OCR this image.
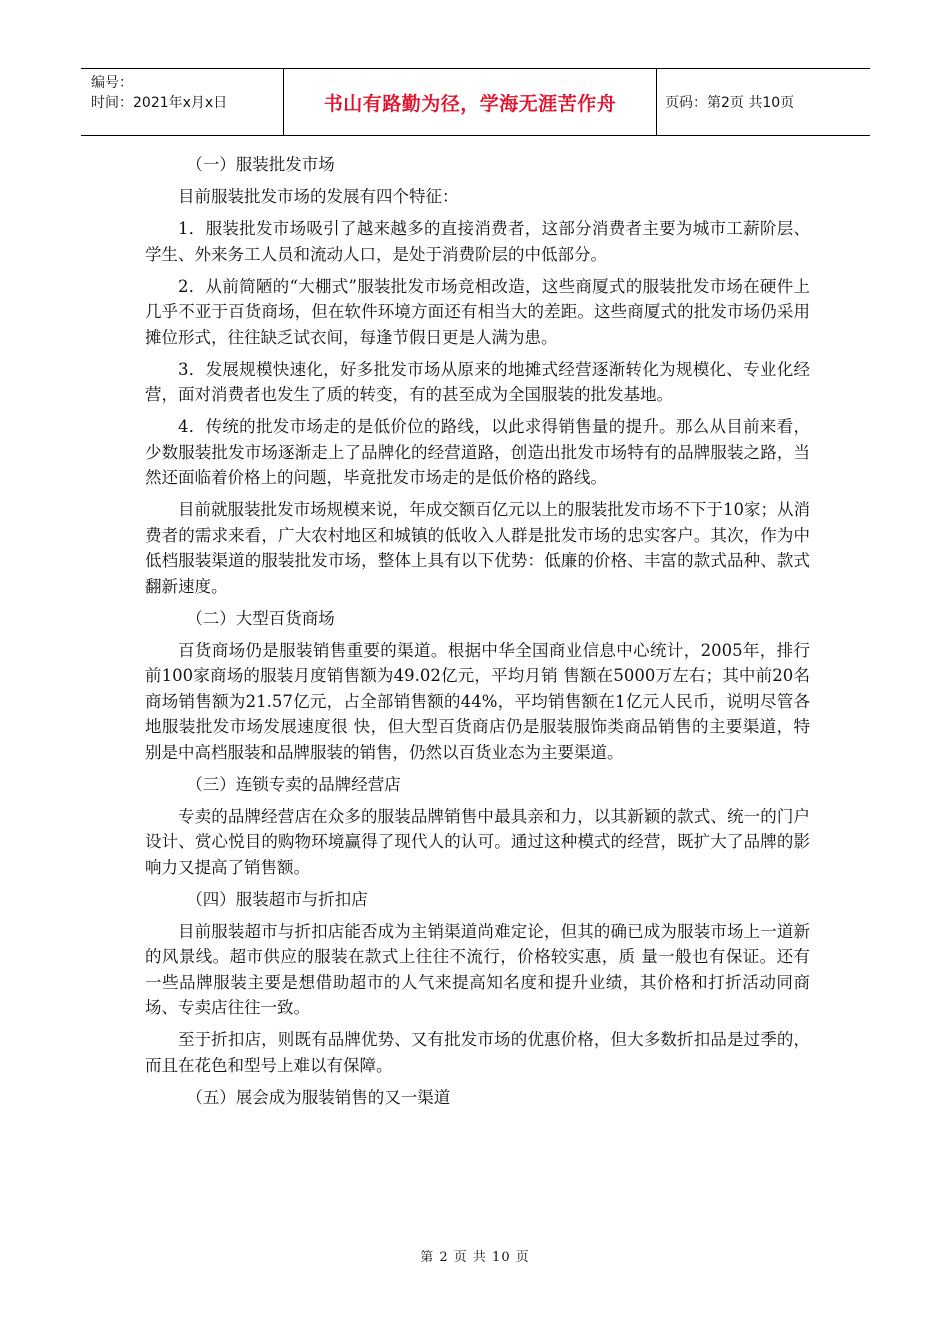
编号：
时间：2021年x月x日	书山有路勤为径，学海无涯苦作舟	页码：第2页 共10页

（一）服装批发市场

目前服装批发市场的发展有四个特征：

1．服装批发市场吸引了越来越多的直接消费者，这部分消费者主要为城市工薪阶层、学生、外来务工人员和流动人口，是处于消费阶层的中低部分。

2．从前简陋的“大棚式”服装批发市场竞相改造，这些商厦式的服装批发市场在硬件上几乎不亚于百货商场，但在软件环境方面还有相当大的差距。这些商厦式的批发市场仍采用摊位形式，往往缺乏试衣间，每逢节假日更是人满为患。

3．发展规模快速化，好多批发市场从原来的地摊式经营逐渐转化为规模化、专业化经营，面对消费者也发生了质的转变，有的甚至成为全国服装的批发基地。

4．传统的批发市场走的是低价位的路线，以此求得销售量的提升。那么从目前来看，少数服装批发市场逐渐走上了品牌化的经营道路，创造出批发市场特有的品牌服装之路，当然还面临着价格上的问题，毕竟批发市场走的是低价格的路线。

目前就服装批发市场规模来说，年成交额百亿元以上的服装批发市场不下于10家；从消费者的需求来看，广大农村地区和城镇的低收入人群是批发市场的忠实客户。其次，作为中低档服装渠道的服装批发市场，整体上具有以下优势：低廉的价格、丰富的款式品种、款式翻新速度。

（二）大型百货商场

百货商场仍是服装销售重要的渠道。根据中华全国商业信息中心统计，2005年，排行前100家商场的服装月度销售额为49.02亿元，平均月销 售额在5000万左右；其中前20名商场销售额为21.57亿元，占全部销售额的44%，平均销售额在1亿元人民币，说明尽管各地服装批发市场发展速度很 快，但大型百货商店仍是服装服饰类商品销售的主要渠道，特别是中高档服装和品牌服装的销售，仍然以百货业态为主要渠道。

（三）连锁专卖的品牌经营店

专卖的品牌经营店在众多的服装品牌销售中最具亲和力，以其新颖的款式、统一的门户设计、赏心悦目的购物环境赢得了现代人的认可。通过这种模式的经营，既扩大了品牌的影响力又提高了销售额。

（四）服装超市与折扣店

目前服装超市与折扣店能否成为主销渠道尚难定论，但其的确已成为服装市场上一道新的风景线。超市供应的服装在款式上往往不流行，价格较实惠，质 量一般也有保证。还有一些品牌服装主要是想借助超市的人气来提高知名度和提升业绩，其价格和打折活动同商场、专卖店往往一致。

至于折扣店，则既有品牌优势、又有批发市场的优惠价格，但大多数折扣品是过季的，而且在花色和型号上难以有保障。

（五）展会成为服装销售的又一渠道

第 2 页 共 10 页
